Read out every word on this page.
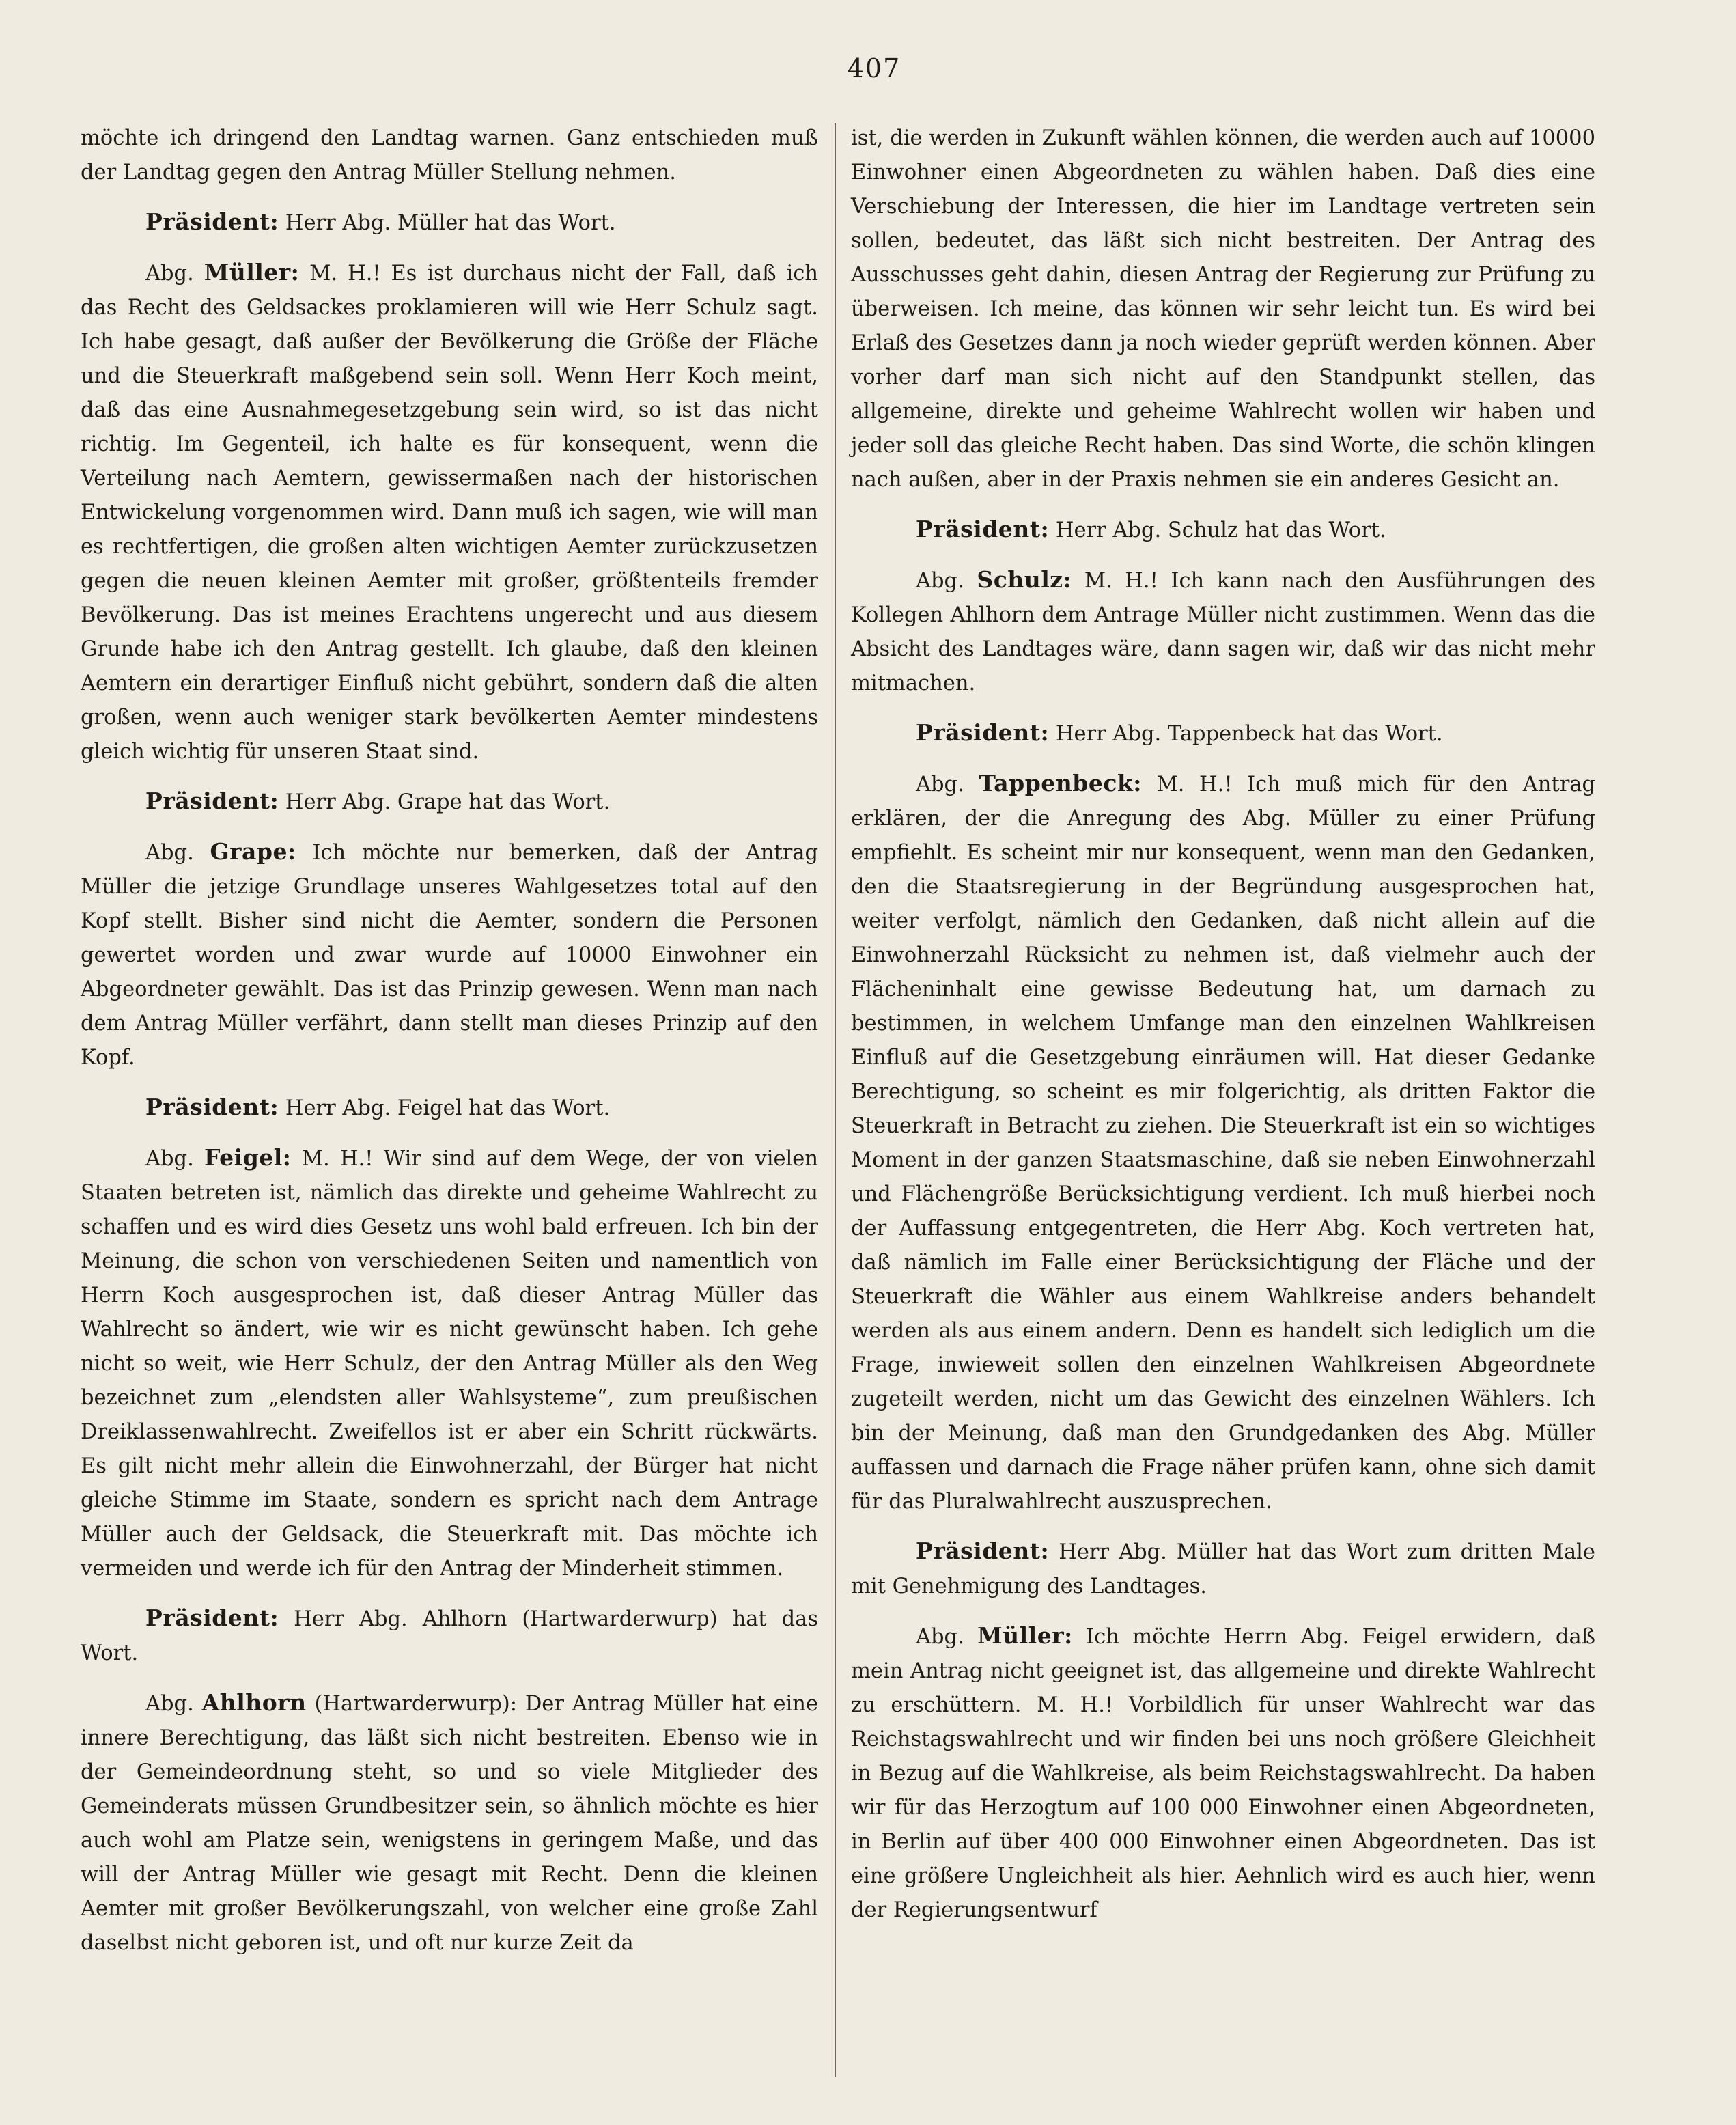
407

möchte ich dringend den Landtag warnen. Ganz entschieden muß der Landtag gegen den Antrag Müller Stellung nehmen.

Präsident: Herr Abg. Müller hat das Wort.

Abg. Müller: M. H.! Es ist durchaus nicht der Fall, daß ich das Recht des Geldsackes proklamieren will wie Herr Schulz sagt. Ich habe gesagt, daß außer der Bevölkerung die Größe der Fläche und die Steuerkraft maßgebend sein soll. Wenn Herr Koch meint, daß das eine Ausnahmegesetzgebung sein wird, so ist das nicht richtig. Im Gegenteil, ich halte es für konsequent, wenn die Verteilung nach Aemtern, gewissermaßen nach der historischen Entwickelung vorgenommen wird. Dann muß ich sagen, wie will man es rechtfertigen, die großen alten wichtigen Aemter zurückzusetzen gegen die neuen kleinen Aemter mit großer, größtenteils fremder Bevölkerung. Das ist meines Erachtens ungerecht und aus diesem Grunde habe ich den Antrag gestellt. Ich glaube, daß den kleinen Aemtern ein derartiger Einfluß nicht gebührt, sondern daß die alten großen, wenn auch weniger stark bevölkerten Aemter mindestens gleich wichtig für unseren Staat sind.

Präsident: Herr Abg. Grape hat das Wort.

Abg. Grape: Ich möchte nur bemerken, daß der Antrag Müller die jetzige Grundlage unseres Wahlgesetzes total auf den Kopf stellt. Bisher sind nicht die Aemter, sondern die Personen gewertet worden und zwar wurde auf 10000 Einwohner ein Abgeordneter gewählt. Das ist das Prinzip gewesen. Wenn man nach dem Antrag Müller verfährt, dann stellt man dieses Prinzip auf den Kopf.

Präsident: Herr Abg. Feigel hat das Wort.

Abg. Feigel: M. H.! Wir sind auf dem Wege, der von vielen Staaten betreten ist, nämlich das direkte und geheime Wahlrecht zu schaffen und es wird dies Gesetz uns wohl bald erfreuen. Ich bin der Meinung, die schon von verschiedenen Seiten und namentlich von Herrn Koch ausgesprochen ist, daß dieser Antrag Müller das Wahlrecht so ändert, wie wir es nicht gewünscht haben. Ich gehe nicht so weit, wie Herr Schulz, der den Antrag Müller als den Weg bezeichnet zum „elendsten aller Wahlsysteme“, zum preußischen Dreiklassenwahlrecht. Zweifellos ist er aber ein Schritt rückwärts. Es gilt nicht mehr allein die Einwohnerzahl, der Bürger hat nicht gleiche Stimme im Staate, sondern es spricht nach dem Antrage Müller auch der Geldsack, die Steuerkraft mit. Das möchte ich vermeiden und werde ich für den Antrag der Minderheit stimmen.

Präsident: Herr Abg. Ahlhorn (Hartwarderwurp) hat das Wort.

Abg. Ahlhorn (Hartwarderwurp): Der Antrag Müller hat eine innere Berechtigung, das läßt sich nicht bestreiten. Ebenso wie in der Gemeindeordnung steht, so und so viele Mitglieder des Gemeinderats müssen Grundbesitzer sein, so ähnlich möchte es hier auch wohl am Platze sein, wenigstens in geringem Maße, und das will der Antrag Müller wie gesagt mit Recht. Denn die kleinen Aemter mit großer Bevölkerungszahl, von welcher eine große Zahl daselbst nicht geboren ist, und oft nur kurze Zeit da

ist, die werden in Zukunft wählen können, die werden auch auf 10000 Einwohner einen Abgeordneten zu wählen haben. Daß dies eine Verschiebung der Interessen, die hier im Landtage vertreten sein sollen, bedeutet, das läßt sich nicht bestreiten. Der Antrag des Ausschusses geht dahin, diesen Antrag der Regierung zur Prüfung zu überweisen. Ich meine, das können wir sehr leicht tun. Es wird bei Erlaß des Gesetzes dann ja noch wieder geprüft werden können. Aber vorher darf man sich nicht auf den Standpunkt stellen, das allgemeine, direkte und geheime Wahlrecht wollen wir haben und jeder soll das gleiche Recht haben. Das sind Worte, die schön klingen nach außen, aber in der Praxis nehmen sie ein anderes Gesicht an.

Präsident: Herr Abg. Schulz hat das Wort.

Abg. Schulz: M. H.! Ich kann nach den Ausführungen des Kollegen Ahlhorn dem Antrage Müller nicht zustimmen. Wenn das die Absicht des Landtages wäre, dann sagen wir, daß wir das nicht mehr mitmachen.

Präsident: Herr Abg. Tappenbeck hat das Wort.

Abg. Tappenbeck: M. H.! Ich muß mich für den Antrag erklären, der die Anregung des Abg. Müller zu einer Prüfung empfiehlt. Es scheint mir nur konsequent, wenn man den Gedanken, den die Staatsregierung in der Begründung ausgesprochen hat, weiter verfolgt, nämlich den Gedanken, daß nicht allein auf die Einwohnerzahl Rücksicht zu nehmen ist, daß vielmehr auch der Flächeninhalt eine gewisse Bedeutung hat, um darnach zu bestimmen, in welchem Umfange man den einzelnen Wahlkreisen Einfluß auf die Gesetzgebung einräumen will. Hat dieser Gedanke Berechtigung, so scheint es mir folgerichtig, als dritten Faktor die Steuerkraft in Betracht zu ziehen. Die Steuerkraft ist ein so wichtiges Moment in der ganzen Staatsmaschine, daß sie neben Einwohnerzahl und Flächengröße Berücksichtigung verdient. Ich muß hierbei noch der Auffassung entgegentreten, die Herr Abg. Koch vertreten hat, daß nämlich im Falle einer Berücksichtigung der Fläche und der Steuerkraft die Wähler aus einem Wahlkreise anders behandelt werden als aus einem andern. Denn es handelt sich lediglich um die Frage, inwieweit sollen den einzelnen Wahlkreisen Abgeordnete zugeteilt werden, nicht um das Gewicht des einzelnen Wählers. Ich bin der Meinung, daß man den Grundgedanken des Abg. Müller auffassen und darnach die Frage näher prüfen kann, ohne sich damit für das Pluralwahlrecht auszusprechen.

Präsident: Herr Abg. Müller hat das Wort zum dritten Male mit Genehmigung des Landtages.

Abg. Müller: Ich möchte Herrn Abg. Feigel erwidern, daß mein Antrag nicht geeignet ist, das allgemeine und direkte Wahlrecht zu erschüttern. M. H.! Vorbildlich für unser Wahlrecht war das Reichstagswahlrecht und wir finden bei uns noch größere Gleichheit in Bezug auf die Wahlkreise, als beim Reichstagswahlrecht. Da haben wir für das Herzogtum auf 100 000 Einwohner einen Abgeordneten, in Berlin auf über 400 000 Einwohner einen Abgeordneten. Das ist eine größere Ungleichheit als hier. Aehnlich wird es auch hier, wenn der Regierungsentwurf
